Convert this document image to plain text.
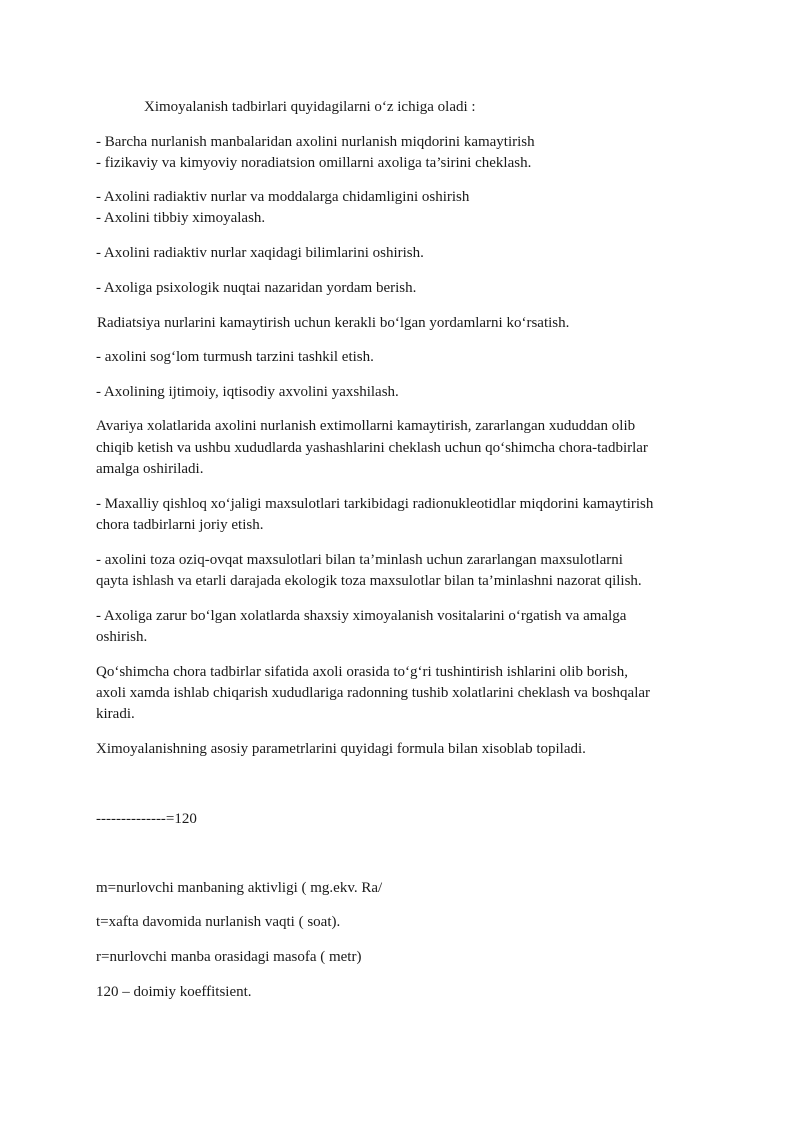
Ximoyalanish tadbirlari quyidagilarni o‘z ichiga oladi :
- Barcha nurlanish manbalaridan axolini nurlanish miqdorini kamaytirish
- fizikaviy va kimyoviy noradiatsion omillarni axoliga ta’sirini cheklash.
- Axolini radiaktiv nurlar va moddalarga chidamligini oshirish
- Axolini tibbiy ximoyalash.
- Axolini radiaktiv nurlar xaqidagi bilimlarini oshirish.
- Axoliga psixologik nuqtai nazaridan yordam berish.
Radiatsiya nurlarini kamaytirish uchun kerakli bo‘lgan yordamlarni ko‘rsatish.
- axolini sog‘lom turmush tarzini tashkil etish.
- Axolining ijtimoiy, iqtisodiy axvolini yaxshilash.
Avariya xolatlarida axolini nurlanish extimollarni kamaytirish, zararlangan xududdan olib
chiqib ketish va ushbu xududlarda yashashlarini cheklash uchun qo‘shimcha chora-tadbirlar
amalga oshiriladi.
- Maxalliy qishloq xo‘jaligi maxsulotlari tarkibidagi radionukleotidlar miqdorini kamaytirish
chora tadbirlarni joriy etish.
- axolini toza oziq-ovqat maxsulotlari bilan ta’minlash uchun zararlangan maxsulotlarni
qayta ishlash va etarli darajada ekologik toza maxsulotlar bilan ta’minlashni nazorat qilish.
- Axoliga zarur bo‘lgan xolatlarda shaxsiy ximoyalanish vositalarini o‘rgatish va amalga
oshirish.
Qo‘shimcha chora tadbirlar sifatida axoli orasida to‘g‘ri tushintirish ishlarini olib borish,
axoli xamda ishlab chiqarish xududlariga radonning tushib xolatlarini cheklash va boshqalar
kiradi.
Ximoyalanishning asosiy parametrlarini quyidagi formula bilan xisoblab topiladi.
--------------=120
m=nurlovchi manbaning aktivligi ( mg.ekv. Ra/
t=xafta davomida nurlanish vaqti ( soat).
r=nurlovchi manba orasidagi masofa ( metr)
120 – doimiy koeffitsient.
